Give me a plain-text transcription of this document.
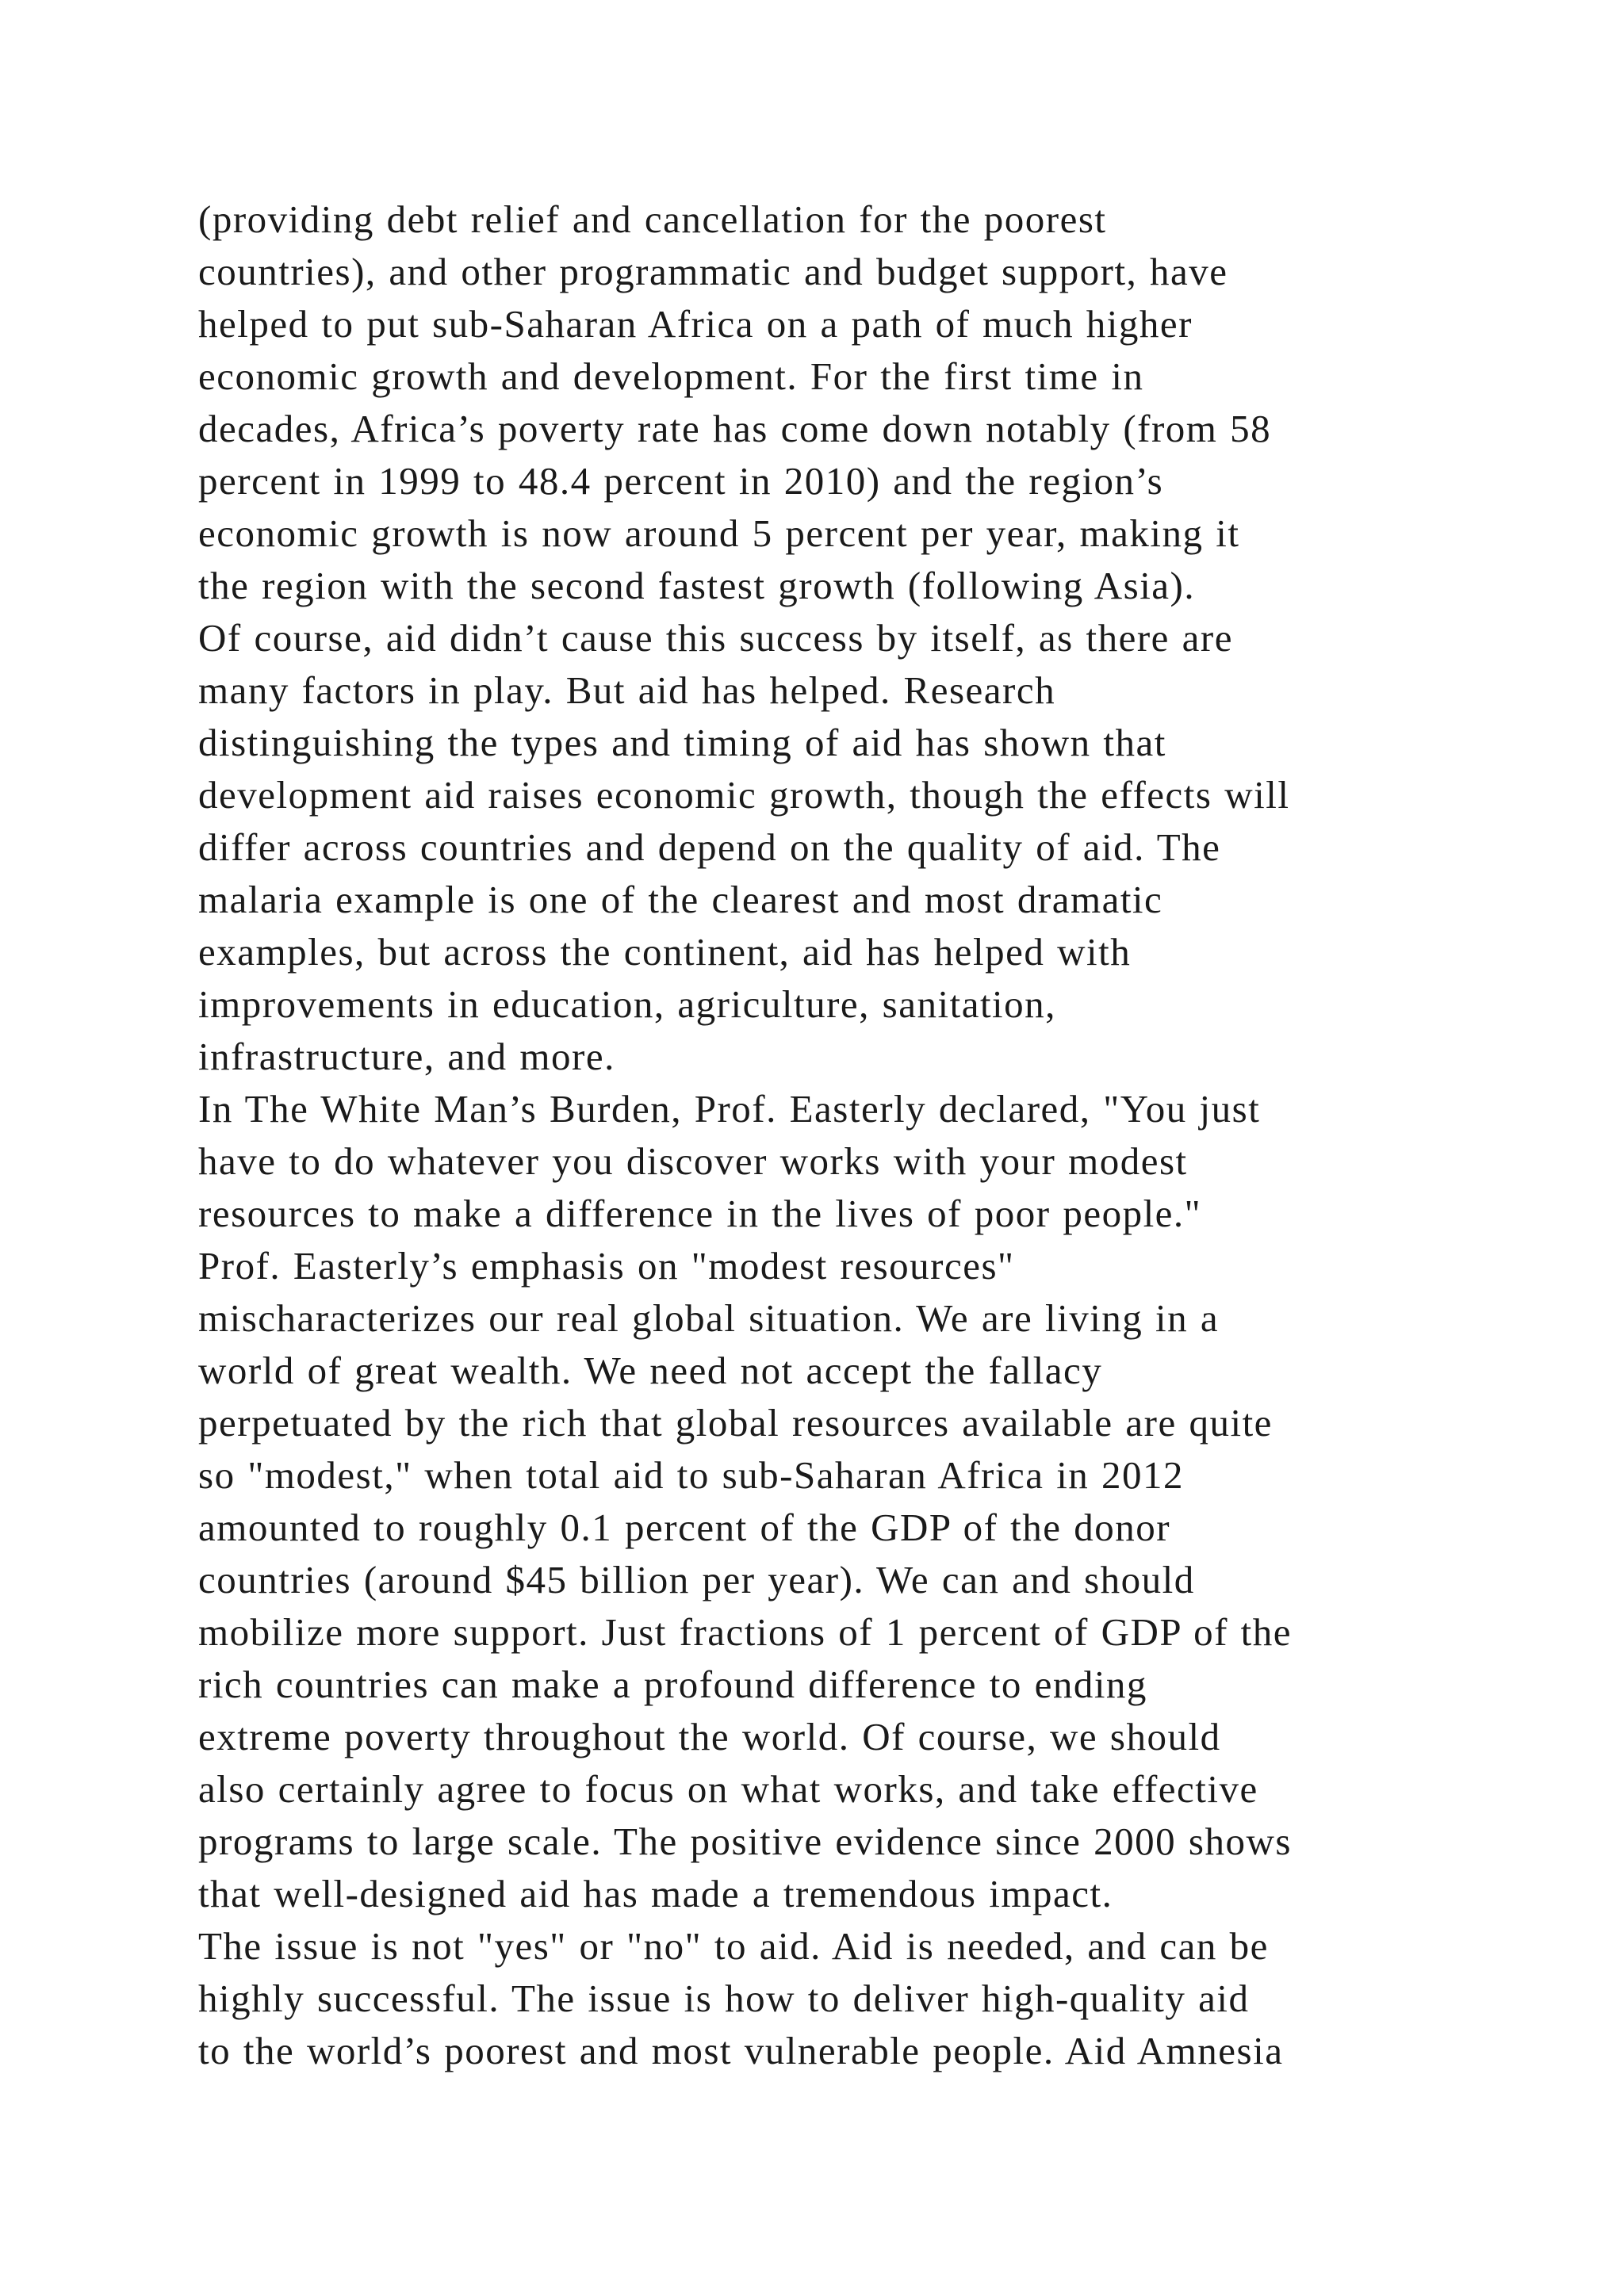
(providing debt relief and cancellation for the poorest
countries), and other programmatic and budget support, have
helped to put sub-Saharan Africa on a path of much higher
economic growth and development. For the first time in
decades, Africa’s poverty rate has come down notably (from 58
percent in 1999 to 48.4 percent in 2010) and the region’s
economic growth is now around 5 percent per year, making it
the region with the second fastest growth (following Asia).
Of course, aid didn’t cause this success by itself, as there are
many factors in play. But aid has helped. Research
distinguishing the types and timing of aid has shown that
development aid raises economic growth, though the effects will
differ across countries and depend on the quality of aid. The
malaria example is one of the clearest and most dramatic
examples, but across the continent, aid has helped with
improvements in education, agriculture, sanitation,
infrastructure, and more.
In The White Man’s Burden, Prof. Easterly declared, "You just
have to do whatever you discover works with your modest
resources to make a difference in the lives of poor people."
Prof. Easterly’s emphasis on "modest resources"
mischaracterizes our real global situation. We are living in a
world of great wealth. We need not accept the fallacy
perpetuated by the rich that global resources available are quite
so "modest," when total aid to sub-Saharan Africa in 2012
amounted to roughly 0.1 percent of the GDP of the donor
countries (around $45 billion per year). We can and should
mobilize more support. Just fractions of 1 percent of GDP of the
rich countries can make a profound difference to ending
extreme poverty throughout the world. Of course, we should
also certainly agree to focus on what works, and take effective
programs to large scale. The positive evidence since 2000 shows
that well-designed aid has made a tremendous impact.
The issue is not "yes" or "no" to aid. Aid is needed, and can be
highly successful. The issue is how to deliver high-quality aid
to the world’s poorest and most vulnerable people. Aid Amnesia
